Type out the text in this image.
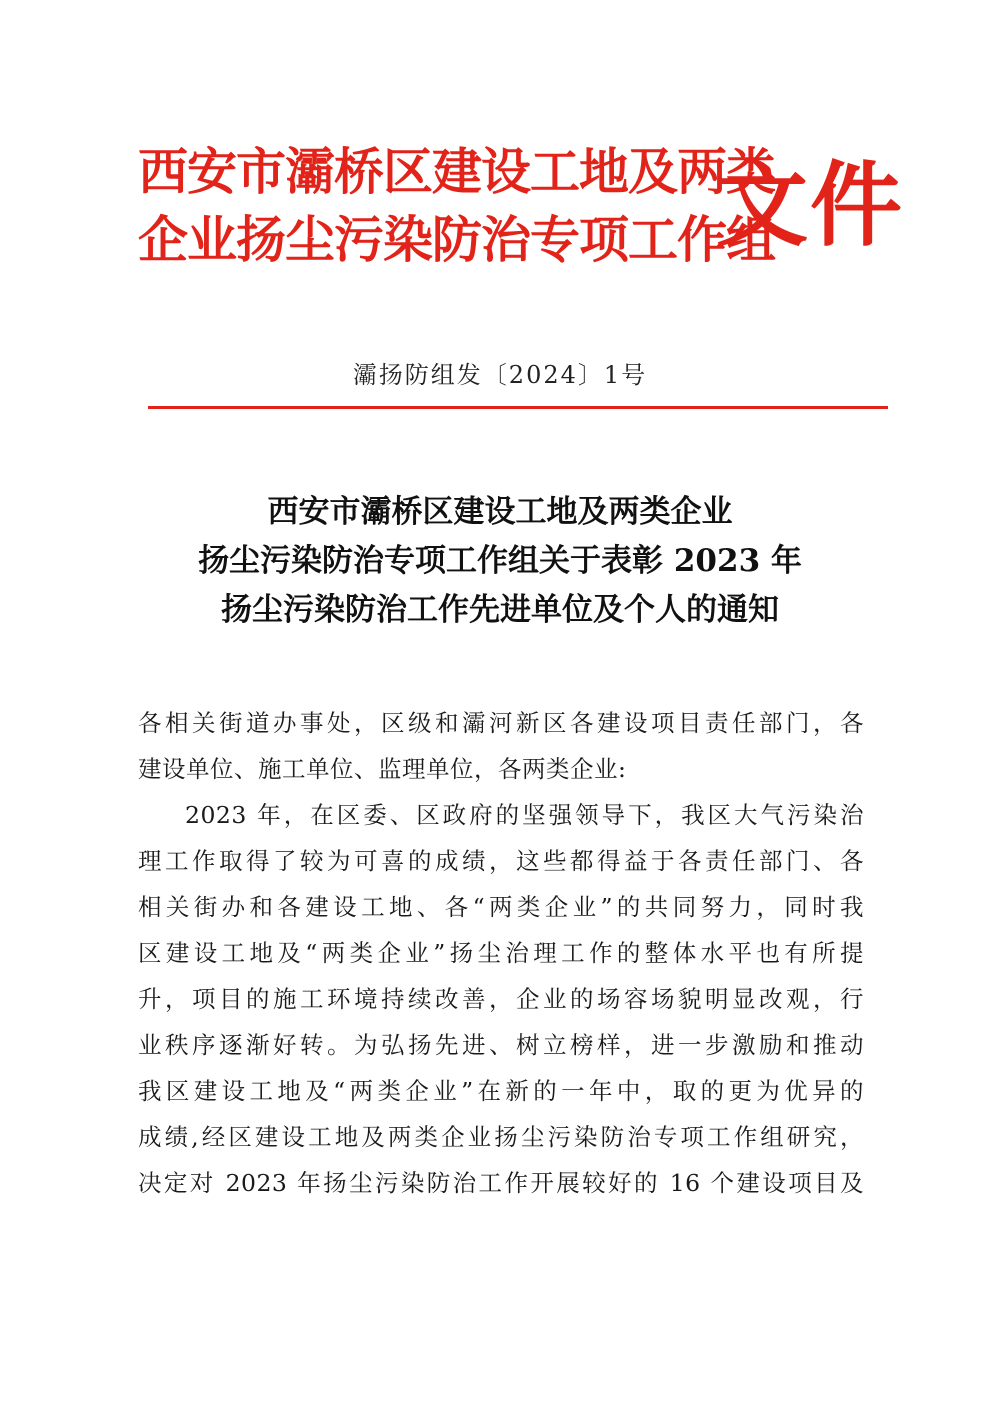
西安市灞桥区建设工地及两类
企业扬尘污染防治专项工作组
文件
灞扬防组发〔2024〕1号
西安市灞桥区建设工地及两类企业
扬尘污染防治专项工作组关于表彰 2023 年
扬尘污染防治工作先进单位及个人的通知
各相关街道办事处，区级和灞河新区各建设项目责任部门，各
建设单位、施工单位、监理单位，各两类企业:
2023 年，在区委、区政府的坚强领导下，我区大气污染治
理工作取得了较为可喜的成绩，这些都得益于各责任部门、各
相关街办和各建设工地、各“两类企业”的共同努力，同时我
区建设工地及“两类企业”扬尘治理工作的整体水平也有所提
升，项目的施工环境持续改善，企业的场容场貌明显改观，行
业秩序逐渐好转。为弘扬先进、树立榜样，进一步激励和推动
我区建设工地及“两类企业”在新的一年中，取的更为优异的
成绩,经区建设工地及两类企业扬尘污染防治专项工作组研究，
决定对 2023 年扬尘污染防治工作开展较好的 16 个建设项目及
